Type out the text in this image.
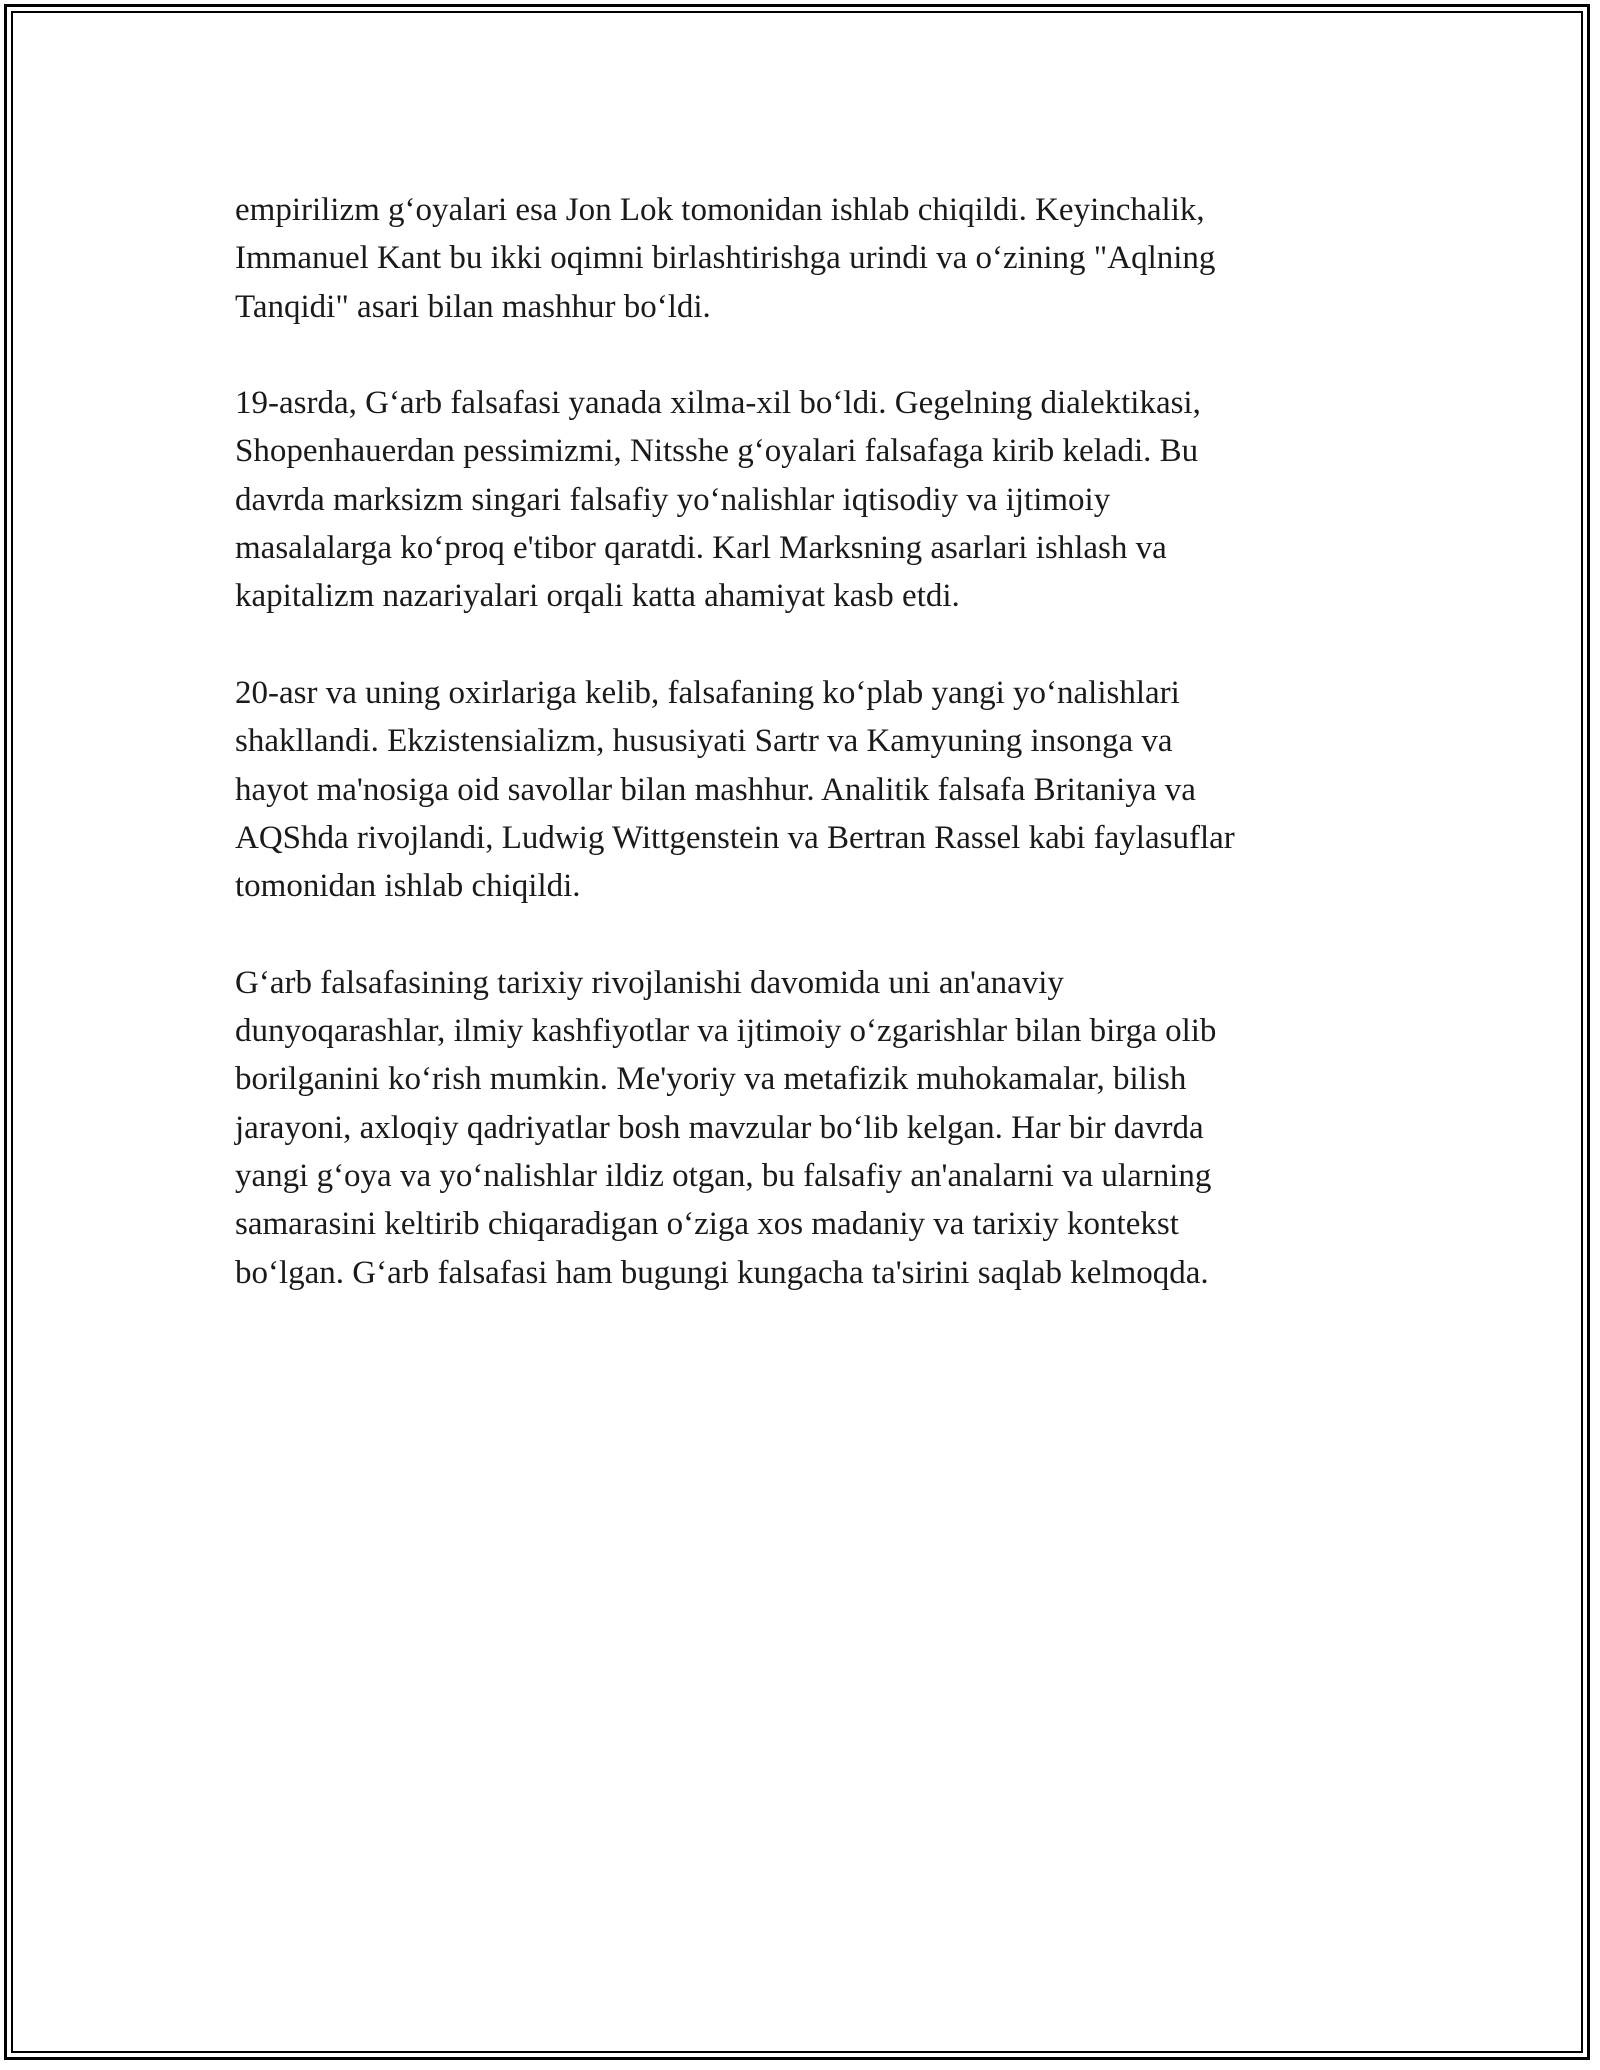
empirilizm g‘oyalari esa Jon Lok tomonidan ishlab chiqildi. Keyinchalik,
Immanuel Kant bu ikki oqimni birlashtirishga urindi va o‘zining "Aqlning
Tanqidi" asari bilan mashhur bo‘ldi.

19-asrda, G‘arb falsafasi yanada xilma-xil bo‘ldi. Gegelning dialektikasi,
Shopenhauerdan pessimizmi, Nitsshe g‘oyalari falsafaga kirib keladi. Bu
davrda marksizm singari falsafiy yo‘nalishlar iqtisodiy va ijtimoiy
masalalarga ko‘proq e'tibor qaratdi. Karl Marksning asarlari ishlash va
kapitalizm nazariyalari orqali katta ahamiyat kasb etdi.

20-asr va uning oxirlariga kelib, falsafaning ko‘plab yangi yo‘nalishlari
shakllandi. Ekzistensializm, hususiyati Sartr va Kamyuning insonga va
hayot ma'nosiga oid savollar bilan mashhur. Analitik falsafa Britaniya va
AQShda rivojlandi, Ludwig Wittgenstein va Bertran Rassel kabi faylasuflar
tomonidan ishlab chiqildi.

G‘arb falsafasining tarixiy rivojlanishi davomida uni an'anaviy
dunyoqarashlar, ilmiy kashfiyotlar va ijtimoiy o‘zgarishlar bilan birga olib
borilganini ko‘rish mumkin. Me'yoriy va metafizik muhokamalar, bilish
jarayoni, axloqiy qadriyatlar bosh mavzular bo‘lib kelgan. Har bir davrda
yangi g‘oya va yo‘nalishlar ildiz otgan, bu falsafiy an'analarni va ularning
samarasini keltirib chiqaradigan o‘ziga xos madaniy va tarixiy kontekst
bo‘lgan. G‘arb falsafasi ham bugungi kungacha ta'sirini saqlab kelmoqda.
